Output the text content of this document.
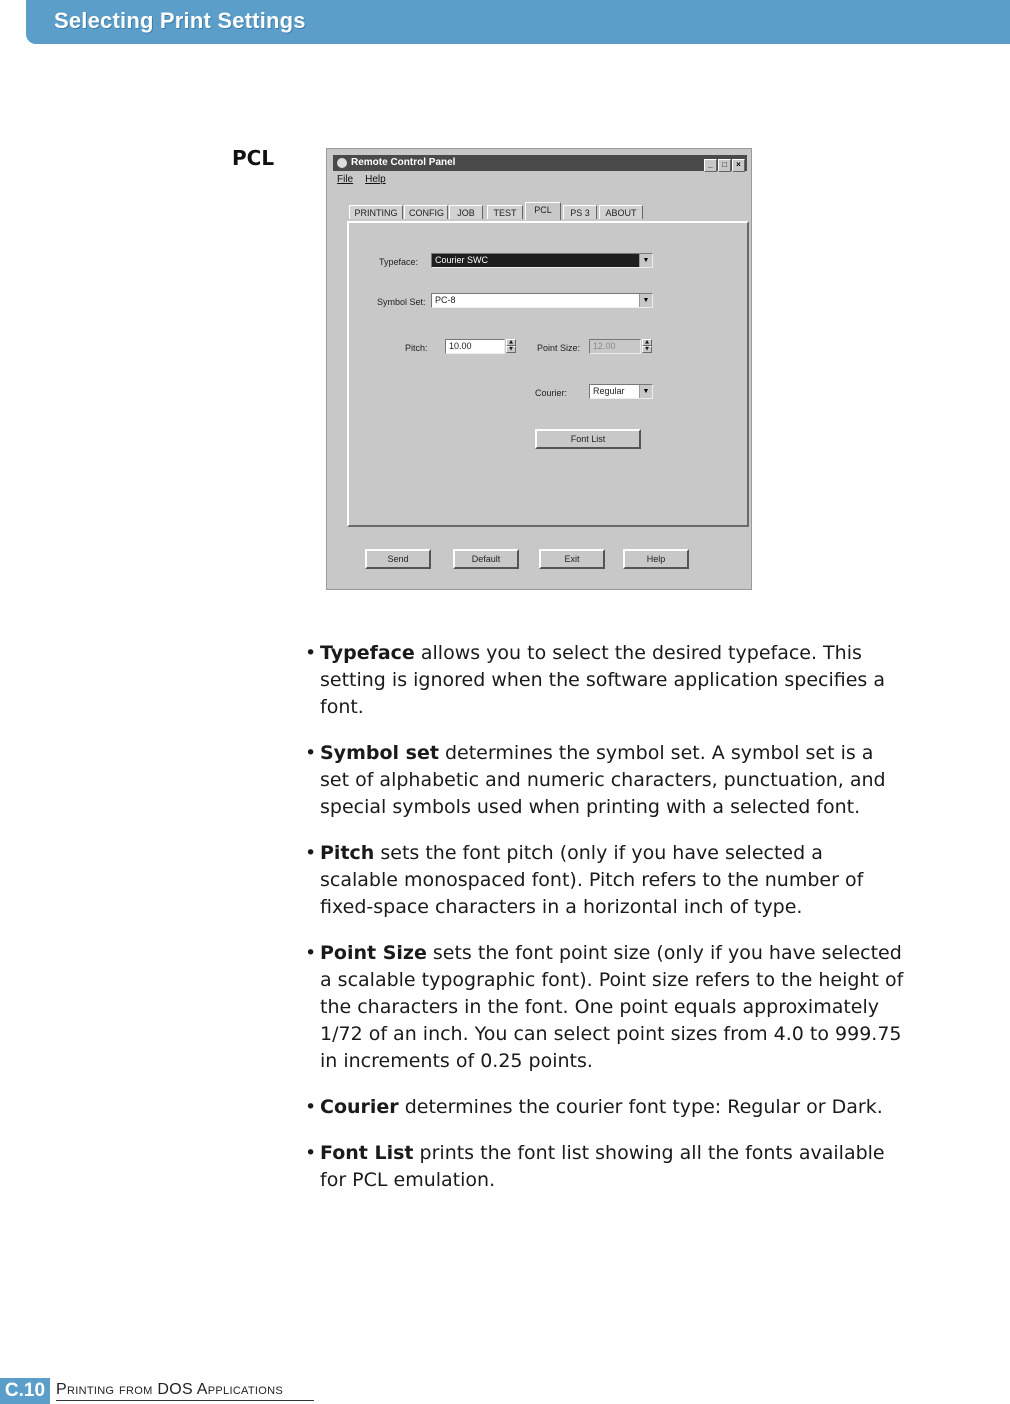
Selecting Print Settings
PCL	Remote Control Panel	_ □ ×
File Help
PRINTING	CONFIG	JOB	TEST	PCL	PS 3	ABOUT
Typeface:	Courier SWC	▼
Symbol Set:	PC-8	▼
Pitch:	10.00	▲
▼	Point Size:	12.00	▲
▼
Courier:	Regular	▼
Font List
Send	Default	Exit	Help
• Typeface allows you to select the desired typeface. This setting is ignored when the software application specifies a font.
• Symbol set determines the symbol set. A symbol set is a set of alphabetic and numeric characters, punctuation, and special symbols used when printing with a selected font.
• Pitch sets the font pitch (only if you have selected a scalable monospaced font). Pitch refers to the number of fixed-space characters in a horizontal inch of type.
• Point Size sets the font point size (only if you have selected a scalable typographic font). Point size refers to the height of the characters in the font. One point equals approximately 1/72 of an inch. You can select point sizes from 4.0 to 999.75 in increments of 0.25 points.
• Courier determines the courier font type: Regular or Dark.
• Font List prints the font list showing all the fonts available for PCL emulation.
C.10 Printing from DOS Applications
